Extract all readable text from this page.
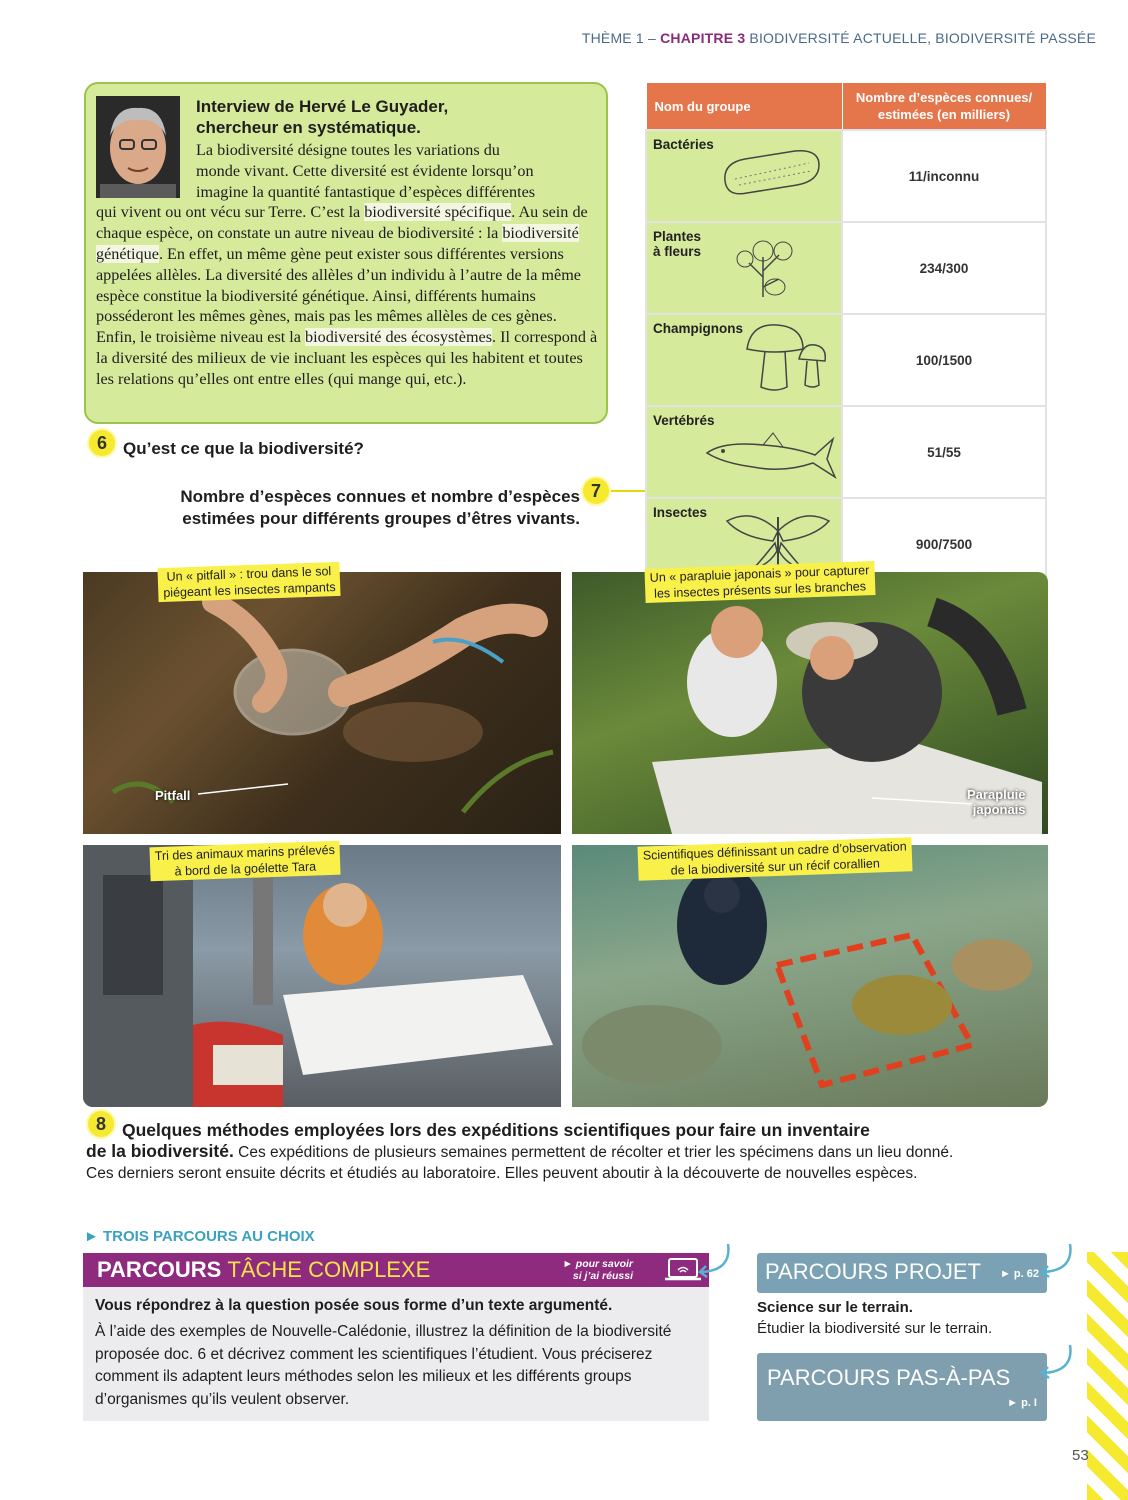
THÈME 1 – CHAPITRE 3 BIODIVERSITÉ ACTUELLE, BIODIVERSITÉ PASSÉE
Interview de Hervé Le Guyader,
chercheur en systématique.
La biodiversité désigne toutes les variations du
monde vivant. Cette diversité est évidente lorsqu’on
imagine la quantité fantastique d’espèces différentes
qui vivent ou ont vécu sur Terre. C’est la biodiversité spécifique. Au sein de chaque espèce, on constate un autre niveau de biodiversité : la biodiversité génétique. En effet, un même gène peut exister sous différentes versions appelées allèles. La diversité des allèles d’un individu à l’autre de la même espèce constitue la biodiversité génétique. Ainsi, différents humains posséderont les mêmes gènes, mais pas les mêmes allèles de ces gènes. Enfin, le troisième niveau est la biodiversité des écosystèmes. Il correspond à la diversité des milieux de vie incluant les espèces qui les habitent et toutes les relations qu’elles ont entre elles (qui mange qui, etc.).
6 Qu’est ce que la biodiversité?
Nombre d’espèces connues et nombre d’espèces
estimées pour différents groupes d’êtres vivants.
7
Nom du groupe	Nombre d’espèces connues/
estimées (en milliers)

Bactéries	11/inconnu

Plantes
à fleurs	234/300
Champignons	100/1500
Vertébrés	51/55
Insectes	900/7500
Pitfall
Un « pitfall » : trou dans le sol
piégeant les insectes rampants
Parapluie
japonais
Un « parapluie japonais » pour capturer
les insectes présents sur les branches
Tri des animaux marins prélevés
à bord de la goélette Tara
Scientifiques définissant un cadre d’observation
de la biodiversité sur un récif corallien
8 Quelques méthodes employées lors des expéditions scientifiques pour faire un inventaire
de la biodiversité. Ces expéditions de plusieurs semaines permettent de récolter et trier les spécimens dans un lieu donné.
Ces derniers seront ensuite décrits et étudiés au laboratoire. Elles peuvent aboutir à la découverte de nouvelles espèces.
► TROIS PARCOURS AU CHOIX
PARCOURS TÂCHE COMPLEXE	► pour savoir
si j’ai réussi
Vous répondrez à la question posée sous forme d’un texte argumenté.
À l’aide des exemples de Nouvelle-Calédonie, illustrez la définition de la biodiversité proposée doc. 6 et décrivez comment les scientifiques l’étudient. Vous préciserez comment ils adaptent leurs méthodes selon les milieux et les différents groups d’organismes qu’ils veulent observer.
PARCOURS PROJET ► p. 62
Science sur le terrain.
Étudier la biodiversité sur le terrain.
PARCOURS PAS-À-PAS
► p. I
53
